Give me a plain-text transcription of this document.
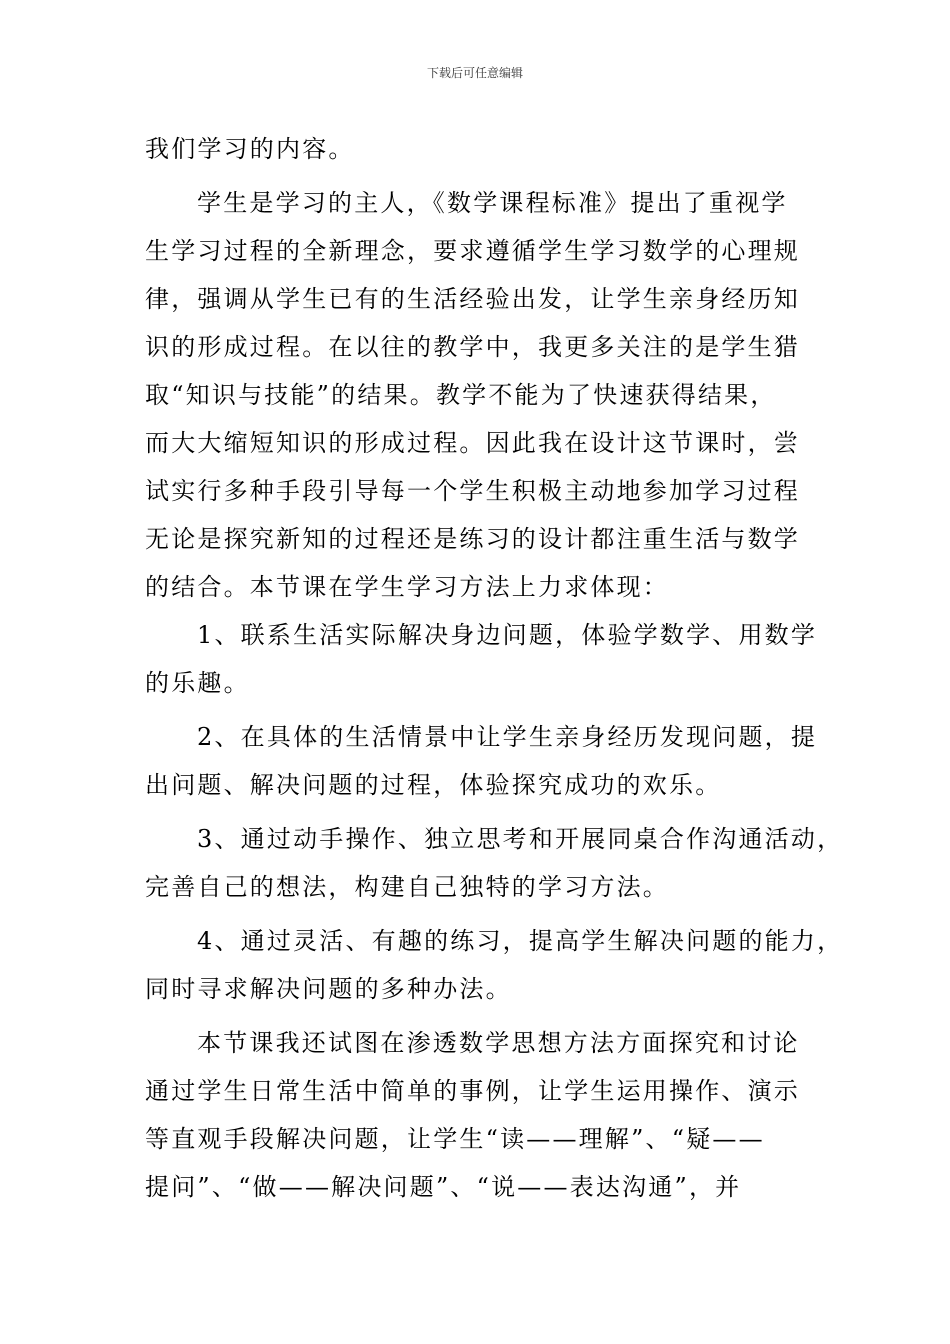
下载后可任意编辑
我们学习的内容。
学生是学习的主人，《数学课程标准》提出了重视学
生学习过程的全新理念，要求遵循学生学习数学的心理规
律，强调从学生已有的生活经验出发，让学生亲身经历知
识的形成过程。在以往的教学中，我更多关注的是学生猎
取“知识与技能”的结果。教学不能为了快速获得结果，
而大大缩短知识的形成过程。因此我在设计这节课时，尝
试实行多种手段引导每一个学生积极主动地参加学习过程
无论是探究新知的过程还是练习的设计都注重生活与数学
的结合。本节课在学生学习方法上力求体现：
1、联系生活实际解决身边问题，体验学数学、用数学
的乐趣。
2、在具体的生活情景中让学生亲身经历发现问题，提
出问题、解决问题的过程，体验探究成功的欢乐。
3、通过动手操作、独立思考和开展同桌合作沟通活动，
完善自己的想法，构建自己独特的学习方法。
4、通过灵活、有趣的练习，提高学生解决问题的能力，
同时寻求解决问题的多种办法。
本节课我还试图在渗透数学思想方法方面探究和讨论
通过学生日常生活中简单的事例，让学生运用操作、演示
等直观手段解决问题，让学生“读——理解”、“疑——
提问”、“做——解决问题”、“说——表达沟通”，并
